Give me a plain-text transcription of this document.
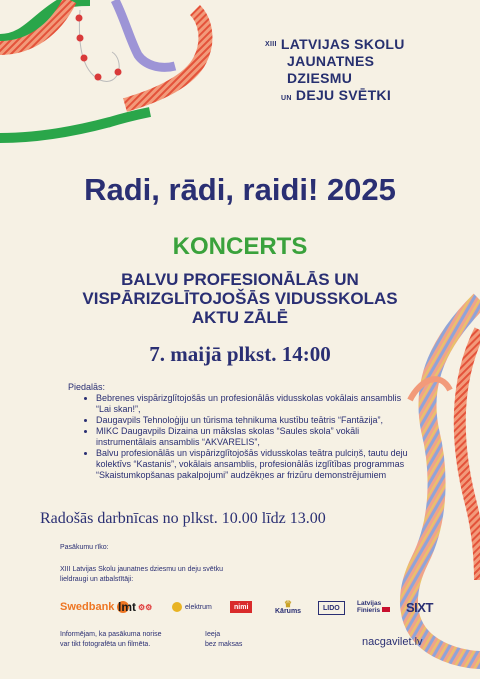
$^{XIII}$ LATVIJAS SKOLU
JAUNATNES
DZIESMU
UN DEJU SVĒTKI
Radi, rādi, raidi! 2025
KONCERTS
BALVU PROFESIONĀLĀS UN
VISPĀRIZGLĪTOJOŠĀS VIDUSSKOLAS
AKTU ZĀLĒ
7. maijā plkst. 14:00
Piedalās:
• Bebrenes vispārizglītojošās un profesionālās vidusskolas vokālais ansamblis “Lai skan!”,
• Daugavpils Tehnoloģiju un tūrisma tehnikuma kustību teātris “Fantāzija”,
• MIKC Daugavpils Dizaina un mākslas skolas “Saules skola” vokāli instrumentālais ansamblis “AKVARELIS”,
• Balvu profesionālās un vispārizglītojošās vidusskolas teātra pulciņš, tautu deju kolektīvs “Kastanis”, vokālais ansamblis, profesionālās izglītības programmas “Skaistumkopšanas pakalpojumi” audzēkņes ar frizūru demonstrējumiem
Radošās darbnīcas no plkst. 10.00 līdz 13.00
Pasākumu rīko:
XIII Latvijas Skolu jaunatnes dziesmu un deju svētku
lieldraugi un atbalstītāji:
Swedbank lmt ⚙⚙	elektrum	nimi	♛
Kārums	LIDO
Latvijas
Finieris	SIXT
Informējam, ka pasākuma norise
var tikt fotografēta un filmēta.
Ieeja
bez maksas	nacgavilet.lv
